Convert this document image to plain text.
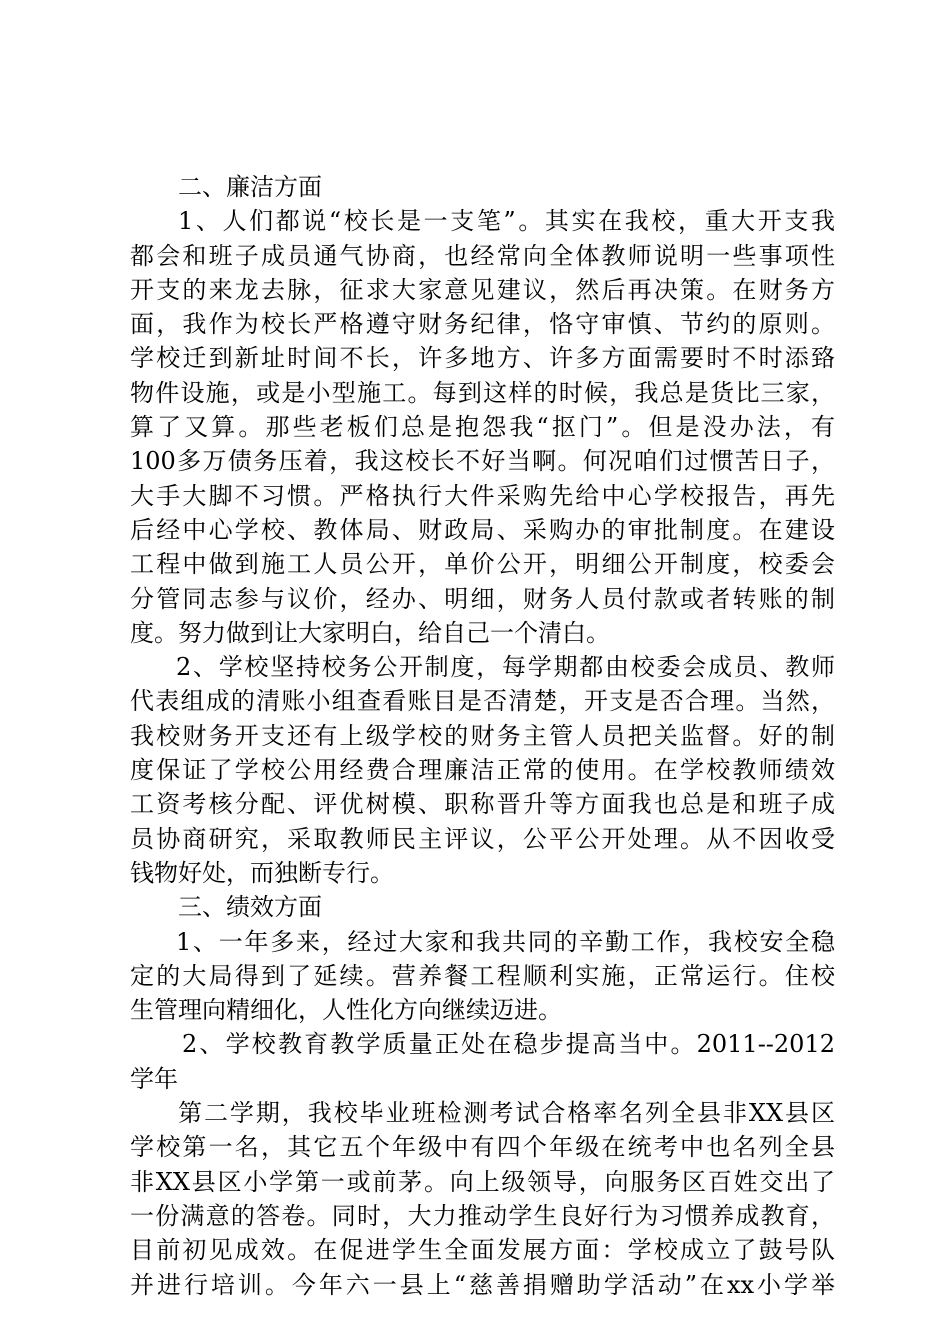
二、廉洁方面
1、人们都说“校长是一支笔”。其实在我校，重大开支我
都会和班子成员通气协商，也经常向全体教师说明一些事项性
开支的来龙去脉，征求大家意见建议，然后再决策。在财务方
面，我作为校长严格遵守财务纪律，恪守审慎、节约的原则。
学校迁到新址时间不长，许多地方、许多方面需要时不时添臵
物件设施，或是小型施工。每到这样的时候，我总是货比三家，
算了又算。那些老板们总是抱怨我“抠门”。但是没办法，有
100多万债务压着，我这校长不好当啊。何况咱们过惯苦日子，
大手大脚不习惯。严格执行大件采购先给中心学校报告，再先
后经中心学校、教体局、财政局、采购办的审批制度。在建设
工程中做到施工人员公开，单价公开，明细公开制度，校委会
分管同志参与议价，经办、明细，财务人员付款或者转账的制
度。努力做到让大家明白，给自己一个清白。
2、学校坚持校务公开制度，每学期都由校委会成员、教师
代表组成的清账小组查看账目是否清楚，开支是否合理。当然，
我校财务开支还有上级学校的财务主管人员把关监督。好的制
度保证了学校公用经费合理廉洁正常的使用。在学校教师绩效
工资考核分配、评优树模、职称晋升等方面我也总是和班子成
员协商研究，采取教师民主评议，公平公开处理。从不因收受
钱物好处，而独断专行。
三、绩效方面
1、一年多来，经过大家和我共同的辛勤工作，我校安全稳
定的大局得到了延续。营养餐工程顺利实施，正常运行。住校
生管理向精细化，人性化方向继续迈进。
2、学校教育教学质量正处在稳步提高当中。2011--2012
学年
第二学期，我校毕业班检测考试合格率名列全县非XX县区
学校第一名，其它五个年级中有四个年级在统考中也名列全县
非XX县区小学第一或前茅。向上级领导，向服务区百姓交出了
一份满意的答卷。同时，大力推动学生良好行为习惯养成教育，
目前初见成效。在促进学生全面发展方面：学校成立了鼓号队
并进行培训。今年六一县上“慈善捐赠助学活动”在xx小学举
